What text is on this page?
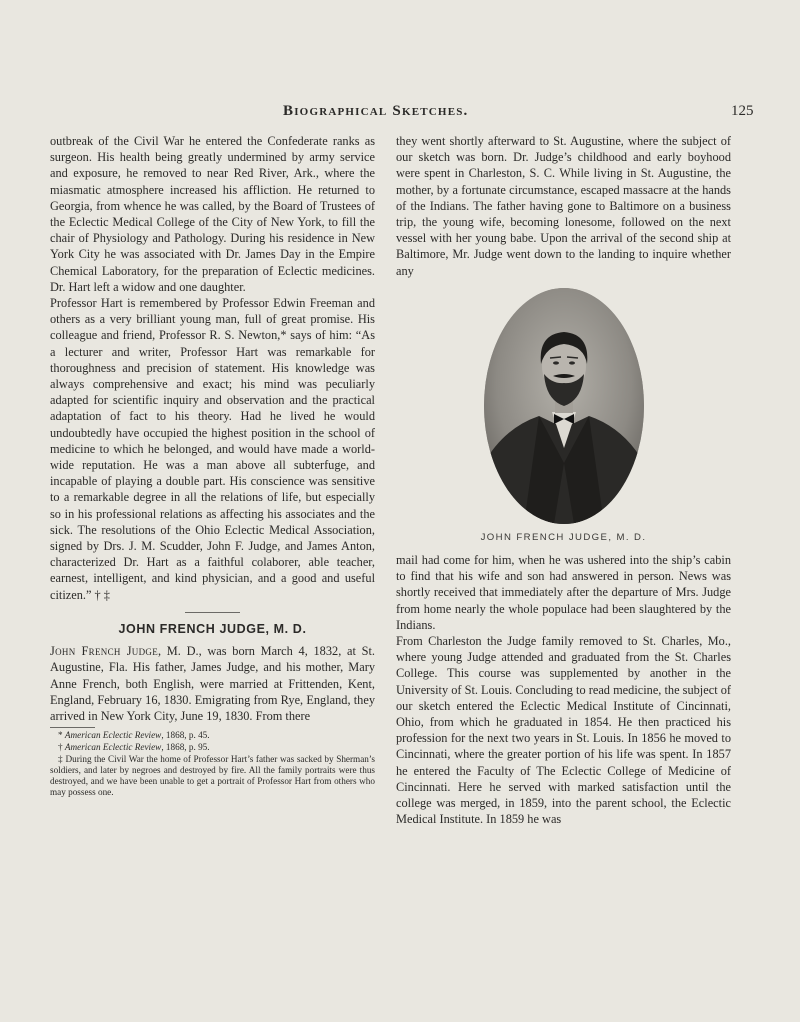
Biographical Sketches.	125

outbreak of the Civil War he entered the Confederate ranks as surgeon. His health being greatly undermined by army service and exposure, he removed to near Red River, Ark., where the miasmatic atmosphere increased his affliction. He returned to Georgia, from whence he was called, by the Board of Trustees of the Eclectic Medical College of the City of New York, to fill the chair of Physiology and Pathology. During his residence in New York City he was associated with Dr. James Day in the Empire Chemical Laboratory, for the preparation of Eclectic medicines. Dr. Hart left a widow and one daughter.

Professor Hart is remembered by Professor Edwin Freeman and others as a very brilliant young man, full of great promise. His colleague and friend, Professor R. S. Newton,* says of him: “As a lecturer and writer, Professor Hart was remarkable for thoroughness and precision of statement. His knowledge was always comprehensive and exact; his mind was peculiarly adapted for scientific inquiry and observation and the practical adaptation of fact to his theory. Had he lived he would undoubtedly have occupied the highest position in the school of medicine to which he belonged, and would have made a world-wide reputation. He was a man above all subterfuge, and incapable of playing a double part. His conscience was sensitive to a remarkable degree in all the relations of life, but especially so in his professional relations as affecting his associates and the sick. The resolutions of the Ohio Eclectic Medical Association, signed by Drs. J. M. Scudder, John F. Judge, and James Anton, characterized Dr. Hart as a faithful colaborer, able teacher, earnest, intelligent, and kind physician, and a good and useful citizen.” † ‡

JOHN FRENCH JUDGE, M. D.

John French Judge, M. D., was born March 4, 1832, at St. Augustine, Fla. His father, James Judge, and his mother, Mary Anne French, both English, were married at Frittenden, Kent, England, February 16, 1830. Emigrating from Rye, England, they arrived in New York City, June 19, 1830. From there

* American Eclectic Review, 1868, p. 45.

† American Eclectic Review, 1868, p. 95.

‡ During the Civil War the home of Professor Hart’s father was sacked by Sherman’s soldiers, and later by negroes and destroyed by fire. All the family portraits were thus destroyed, and we have been unable to get a portrait of Professor Hart from others who may possess one.

they went shortly afterward to St. Augustine, where the subject of our sketch was born. Dr. Judge’s childhood and early boyhood were spent in Charleston, S. C. While living in St. Augustine, the mother, by a fortunate circumstance, escaped massacre at the hands of the Indians. The father having gone to Baltimore on a business trip, the young wife, becoming lonesome, followed on the next vessel with her young babe. Upon the arrival of the second ship at Baltimore, Mr. Judge went down to the landing to inquire whether any

JOHN FRENCH JUDGE, M. D.

mail had come for him, when he was ushered into the ship’s cabin to find that his wife and son had answered in person. News was shortly received that immediately after the departure of Mrs. Judge from home nearly the whole populace had been slaughtered by the Indians.

From Charleston the Judge family removed to St. Charles, Mo., where young Judge attended and graduated from the St. Charles College. This course was supplemented by another in the University of St. Louis. Concluding to read medicine, the subject of our sketch entered the Eclectic Medical Institute of Cincinnati, Ohio, from which he graduated in 1854. He then practiced his profession for the next two years in St. Louis. In 1856 he moved to Cincinnati, where the greater portion of his life was spent. In 1857 he entered the Faculty of The Eclectic College of Medicine of Cincinnati. Here he served with marked satisfaction until the college was merged, in 1859, into the parent school, the Eclectic Medical Institute. In 1859 he was
